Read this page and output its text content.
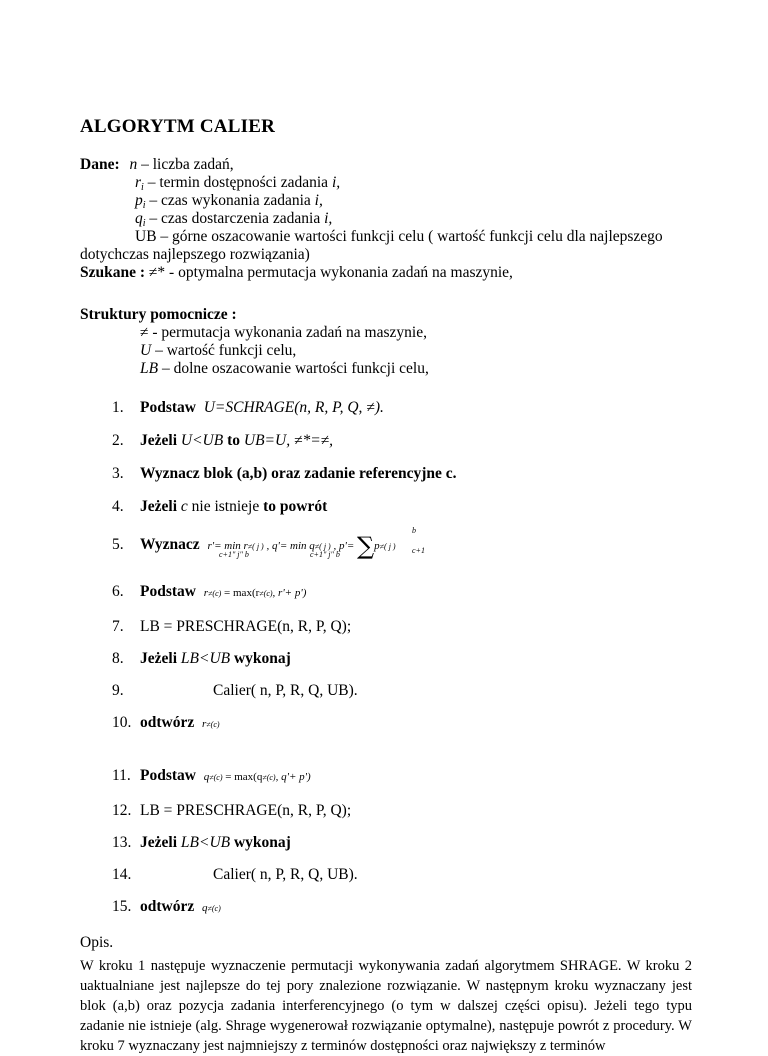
ALGORYTM CALIER
Dane: n – liczba zadań,
$r_i$ – termin dostępności zadania i,
$p_i$ – czas wykonania zadania i,
$q_i$ – czas dostarczenia zadania i,
UB – górne oszacowanie wartości funkcji celu ( wartość funkcji celu dla najlepszego
dotychczas najlepszego rozwiązania)
Szukane : ≠* - optymalna permutacja wykonania zadań na maszynie,
Struktury pomocnicze :
≠ - permutacja wykonania zadań na maszynie,
U – wartość funkcji celu,
LB – dolne oszacowanie wartości funkcji celu,
1. Podstaw U=SCHRAGE(n, R, P, Q, ≠).
2. Jeżeli U<UB to UB=U, ≠*=≠,
3. Wyznacz blok (a,b) oraz zadanie referencyjne c.
4. Jeżeli c nie istnieje to powrót
5. Wyznacz r'= min r≠( j ) , q'= min q≠( j ) , p'= ∑p≠( j )
c+1" j" b	c+1" j" b
b
c+1
6. Podstaw r≠(c) = max(r≠(c), r'+ p')
7. LB = PRESCHRAGE(n, R, P, Q);
8. Jeżeli LB<UB wykonaj
9.	Calier( n, P, R, Q, UB).
10. odtwórz r≠(c)
11. Podstaw q≠(c) = max(q≠(c), q'+ p')
12. LB = PRESCHRAGE(n, R, P, Q);
13. Jeżeli LB<UB wykonaj
14.	Calier( n, P, R, Q, UB).
15. odtwórz q≠(c)
Opis.
W kroku 1 następuje wyznaczenie permutacji wykonywania zadań algorytmem SHRAGE. W kroku 2 uaktualniane jest najlepsze do tej pory znalezione rozwiązanie. W następnym kroku wyznaczany jest blok (a,b) oraz pozycja zadania interferencyjnego (o tym w dalszej części opisu). Jeżeli tego typu zadanie nie istnieje (alg. Shrage wygenerował rozwiązanie optymalne), następuje powrót z procedury. W kroku 7 wyznaczany jest najmniejszy z terminów dostępności oraz największy z terminów
